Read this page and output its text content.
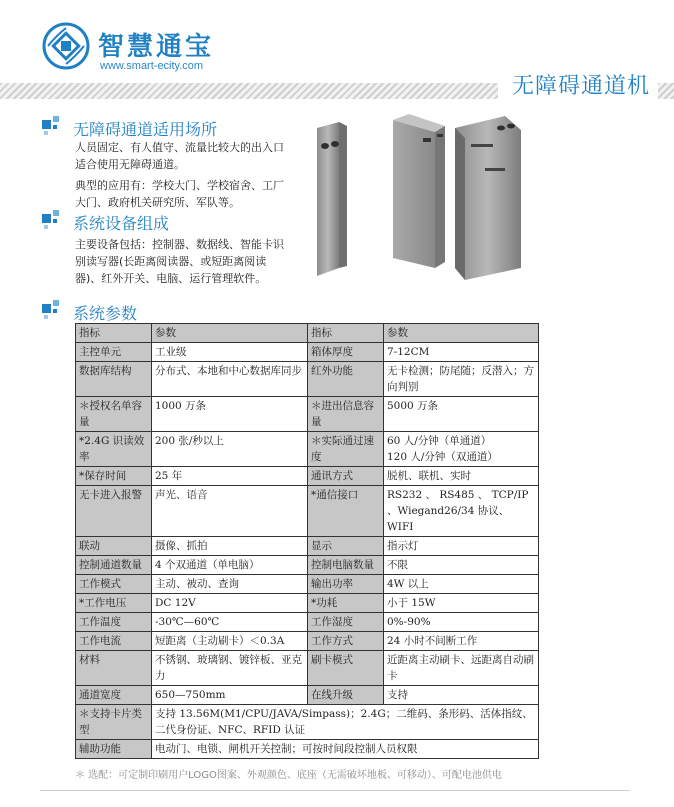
智慧通宝
www.smart-ecity.com
无障碍通道机
无障碍通道适用场所
人员固定、有人值守、流量比较大的出入口适合使用无障碍通道。
典型的应用有：学校大门、学校宿舍、工厂大门、政府机关研究所、军队等。
系统设备组成
主要设备包括：控制器、数据线、智能卡识别读写器(长距离阅读器、或短距离阅读器)、红外开关、电脑、运行管理软件。
系统参数
指标	参数	指标	参数
主控单元	工业级	箱体厚度	7-12CM
数据库结构	分布式、本地和中心数据库同步	红外功能	无卡检测；防尾随；反潜入；方向判别
＊授权名单容量	1000 万条	＊进出信息容量	5000 万条
*2.4G 识读效率	200 张/秒以上	＊实际通过速度	60 人/分钟（单通道）
120 人/分钟（双通道）
*保存时间	25 年	通讯方式	脱机、联机、实时
无卡进入报警	声光、语音	*通信接口	RS232 、 RS485 、 TCP/IP 、Wiegand26/34 协议、WIFI
联动	摄像、抓拍	显示	指示灯
控制通道数量	4 个双通道（单电脑）	控制电脑数量	不限
工作模式	主动、被动、查询	输出功率	4W 以上
*工作电压	DC 12V	*功耗	小于 15W
工作温度	-30℃—60℃	工作湿度	0%-90%
工作电流	短距离（主动刷卡）＜0.3A	工作方式	24 小时不间断工作
材料	不锈钢、玻璃钢、镀锌板、亚克力	刷卡模式	近距离主动刷卡、远距离自动刷卡
通道宽度	650—750mm	在线升级	支持
＊支持卡片类型	支持 13.56M(M1/CPU/JAVA/Simpass)；2.4G；二维码、条形码、活体指纹、二代身份证、NFC、RFID 认证		
辅助功能	电动门、电锁、闸机开关控制；可按时间段控制人员权限		
＊ 选配：可定制印刷用户LOGO图案、外观颜色、底座（无需破坏地板、可移动）、可配电池供电
